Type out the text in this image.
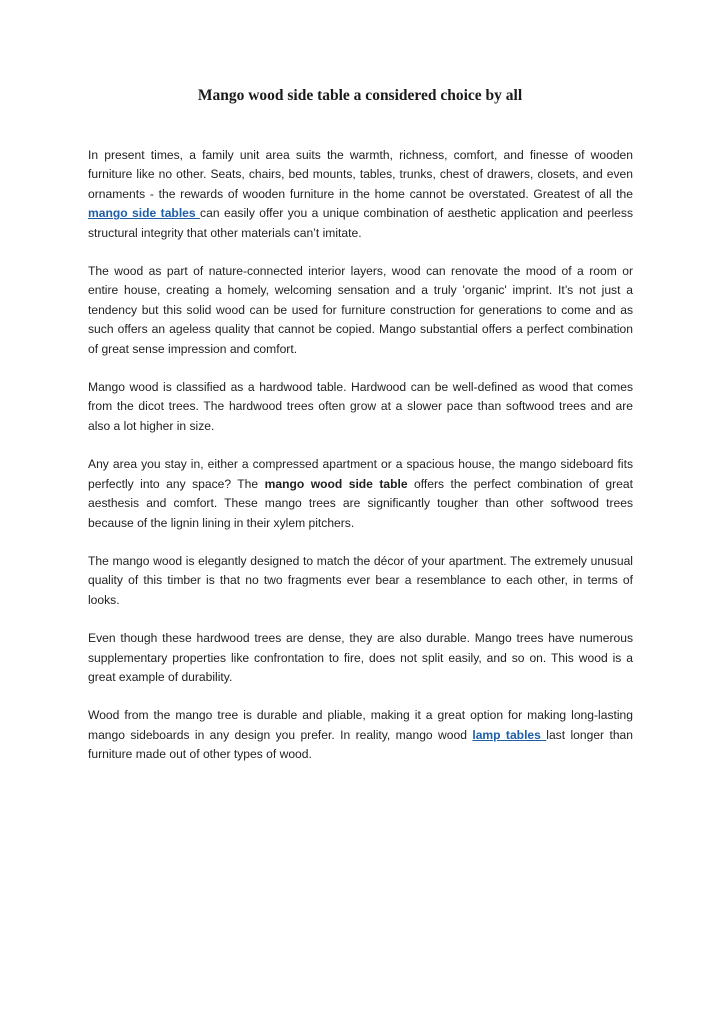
Mango wood side table a considered choice by all

In present times, a family unit area suits the warmth, richness, comfort, and finesse of wooden furniture like no other. Seats, chairs, bed mounts, tables, trunks, chest of drawers, closets, and even ornaments - the rewards of wooden furniture in the home cannot be overstated. Greatest of all the mango side tables can easily offer you a unique combination of aesthetic application and peerless structural integrity that other materials can’t imitate.

The wood as part of nature-connected interior layers, wood can renovate the mood of a room or entire house, creating a homely, welcoming sensation and a truly 'organic' imprint. It’s not just a tendency but this solid wood can be used for furniture construction for generations to come and as such offers an ageless quality that cannot be copied. Mango substantial offers a perfect combination of great sense impression and comfort.

Mango wood is classified as a hardwood table. Hardwood can be well-defined as wood that comes from the dicot trees. The hardwood trees often grow at a slower pace than softwood trees and are also a lot higher in size.

Any area you stay in, either a compressed apartment or a spacious house, the mango sideboard fits perfectly into any space? The mango wood side table offers the perfect combination of great aesthesis and comfort. These mango trees are significantly tougher than other softwood trees because of the lignin lining in their xylem pitchers.

The mango wood is elegantly designed to match the décor of your apartment. The extremely unusual quality of this timber is that no two fragments ever bear a resemblance to each other, in terms of looks.

Even though these hardwood trees are dense, they are also durable. Mango trees have numerous supplementary properties like confrontation to fire, does not split easily, and so on. This wood is a great example of durability.

Wood from the mango tree is durable and pliable, making it a great option for making long-lasting mango sideboards in any design you prefer. In reality, mango wood lamp tables last longer than furniture made out of other types of wood.
